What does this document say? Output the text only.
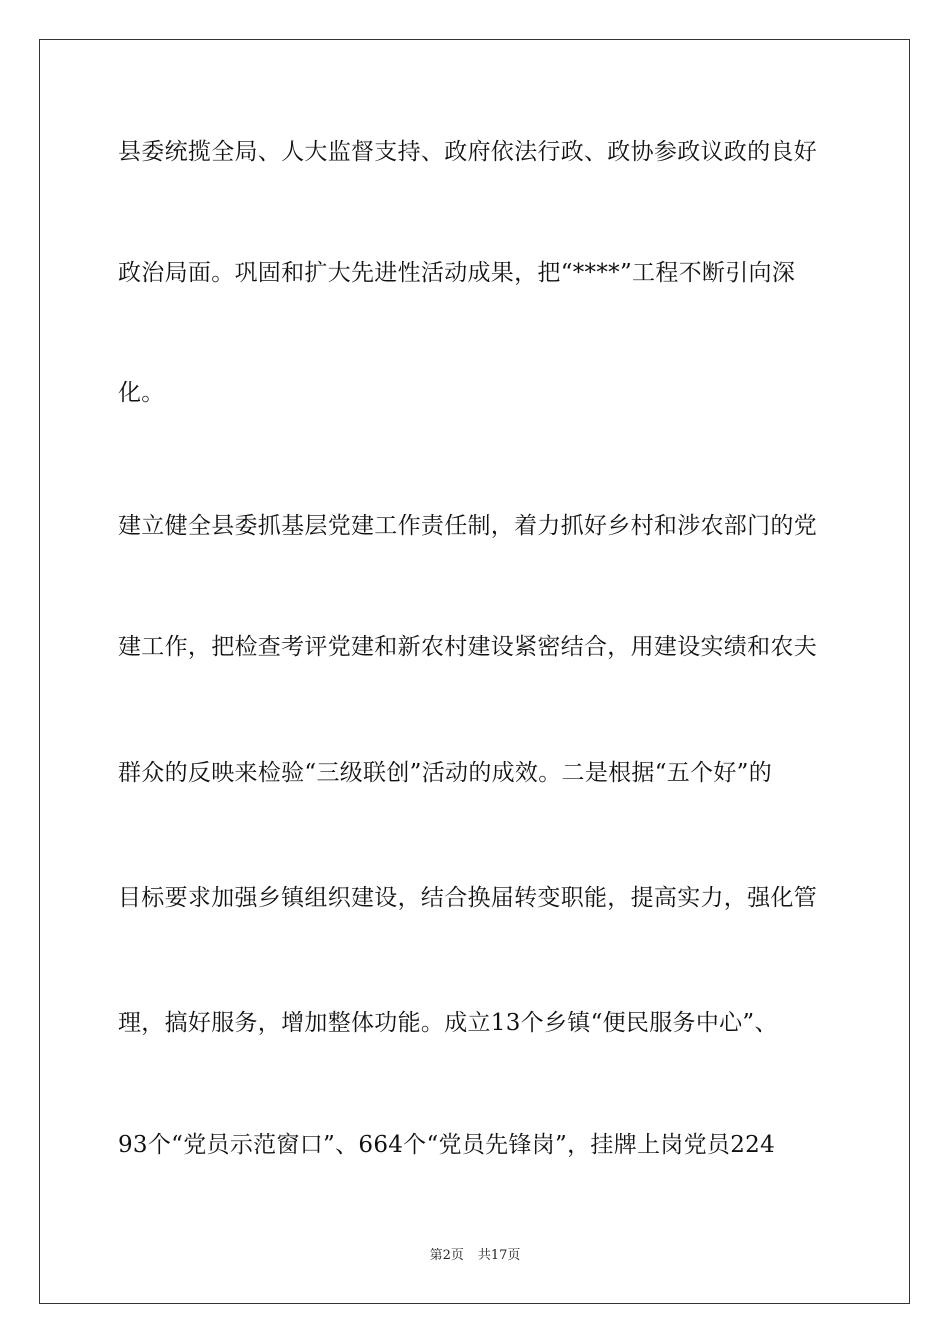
县委统揽全局、人大监督支持、政府依法行政、政协参政议政的良好
政治局面。巩固和扩大先进性活动成果，把“****”工程不断引向深
化。
建立健全县委抓基层党建工作责任制，着力抓好乡村和涉农部门的党
建工作，把检查考评党建和新农村建设紧密结合，用建设实绩和农夫
群众的反映来检验“三级联创”活动的成效。二是根据“五个好”的
目标要求加强乡镇组织建设，结合换届转变职能，提高实力，强化管
理，搞好服务，增加整体功能。成立13个乡镇“便民服务中心”、
93个“党员示范窗口”、664个“党员先锋岗”，挂牌上岗党员224
第2页 共17页
